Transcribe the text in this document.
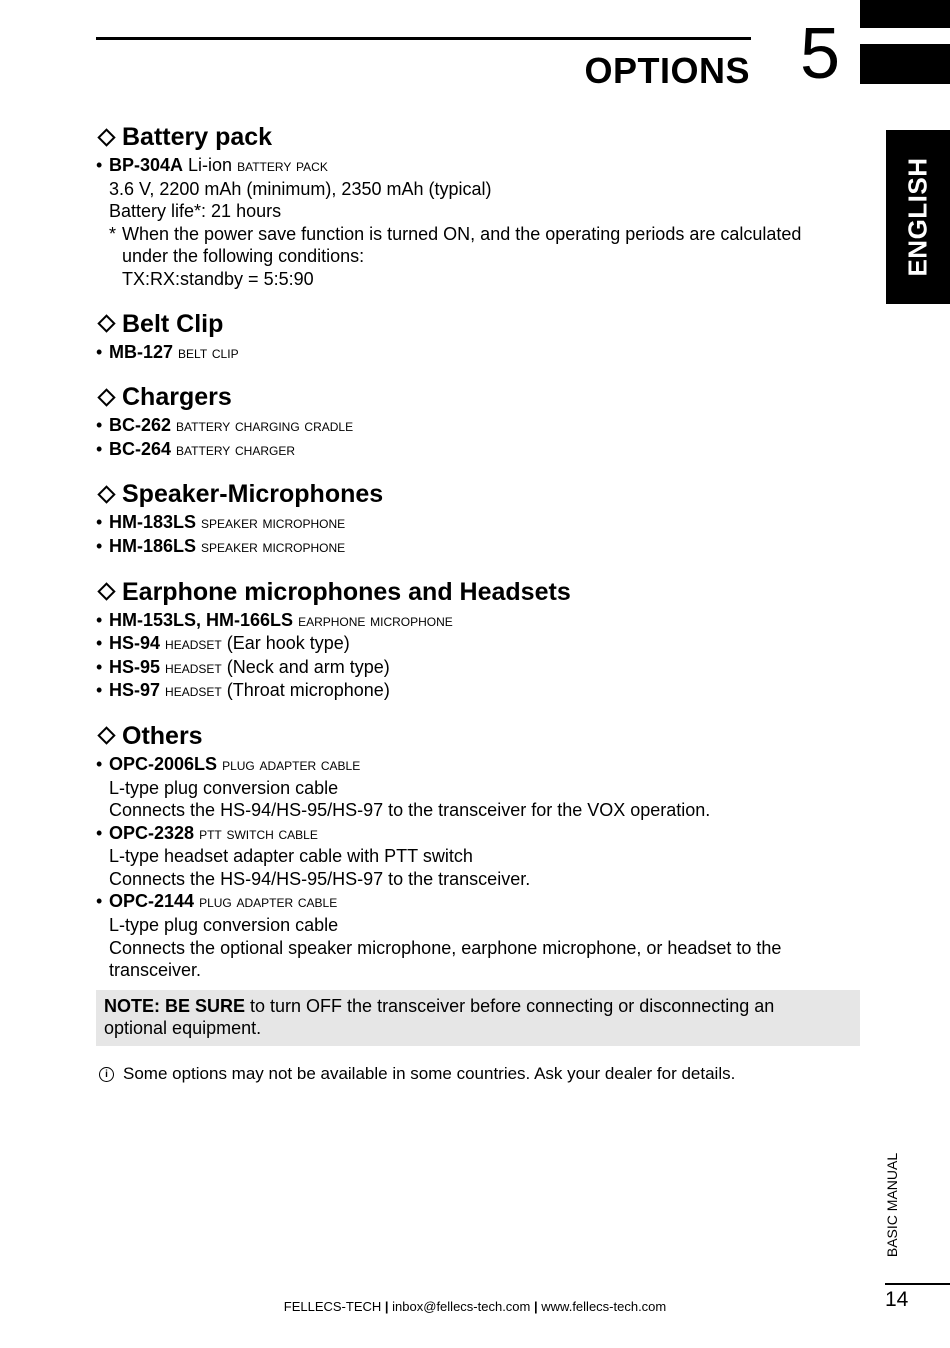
OPTIONS 5
ENGLISH
Battery pack
• BP-304A Li-ion battery pack
3.6 V, 2200 mAh (minimum), 2350 mAh (typical)
Battery life*: 21 hours
* When the power save function is turned ON, and the operating periods are calculated
under the following conditions:
TX:RX:standby = 5:5:90
Belt Clip
• MB-127 belt clip
Chargers
• BC-262 battery charging cradle
• BC-264 battery charger
Speaker-Microphones
• HM-183LS speaker microphone
• HM-186LS speaker microphone
Earphone microphones and Headsets
• HM-153LS, HM-166LS earphone microphone
• HS-94 headset (Ear hook type)
• HS-95 headset (Neck and arm type)
• HS-97 headset (Throat microphone)
Others
• OPC-2006LS plug adapter cable
L-type plug conversion cable
Connects the HS-94/HS-95/HS-97 to the transceiver for the VOX operation.
• OPC-2328 ptt switch cable
L-type headset adapter cable with PTT switch
Connects the HS-94/HS-95/HS-97 to the transceiver.
• OPC-2144 plug adapter cable
L-type plug conversion cable
Connects the optional speaker microphone, earphone microphone, or headset to the
transceiver.
NOTE: BE SURE to turn OFF the transceiver before connecting or disconnecting an
optional equipment.
i Some options may not be available in some countries. Ask your dealer for details.
BASIC MANUAL
14
FELLECS-TECH | inbox@fellecs-tech.com | www.fellecs-tech.com
